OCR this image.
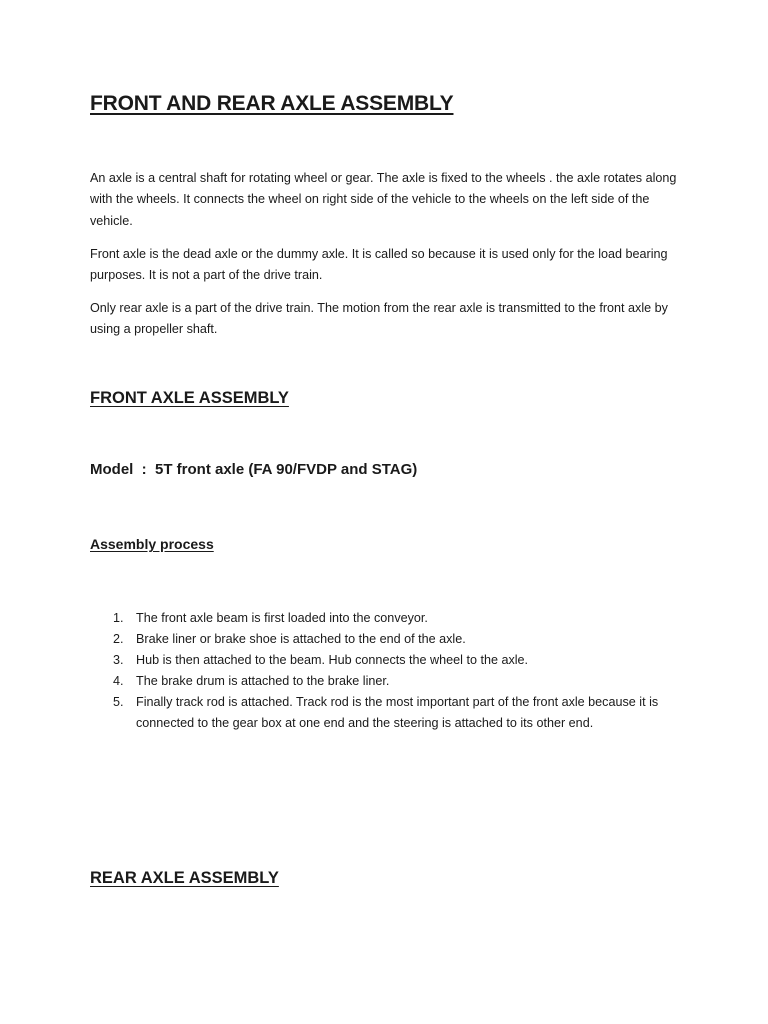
FRONT AND REAR AXLE ASSEMBLY

An axle is a central shaft for rotating wheel or gear. The axle is fixed to the wheels . the axle rotates along with the wheels. It connects the wheel on right side of the vehicle to the wheels on the left side of the vehicle.

Front axle is the dead axle or the dummy axle. It is called so because it is used only for the load bearing purposes. It is not a part of the drive train.

Only rear axle is a part of the drive train. The motion from the rear axle is transmitted to the front axle by using a propeller shaft.

FRONT AXLE ASSEMBLY

Model  :  5T front axle (FA 90/FVDP and STAG)

Assembly process
1. The front axle beam is first loaded into the conveyor.
2. Brake liner or brake shoe is attached to the end of the axle.
3. Hub is then attached to the beam. Hub connects the wheel to the axle.
4. The brake drum is attached to the brake liner.
5. Finally track rod is attached. Track rod is the most important part of the front axle because it is connected to the gear box at one end and the steering is attached to its other end.
REAR AXLE ASSEMBLY
